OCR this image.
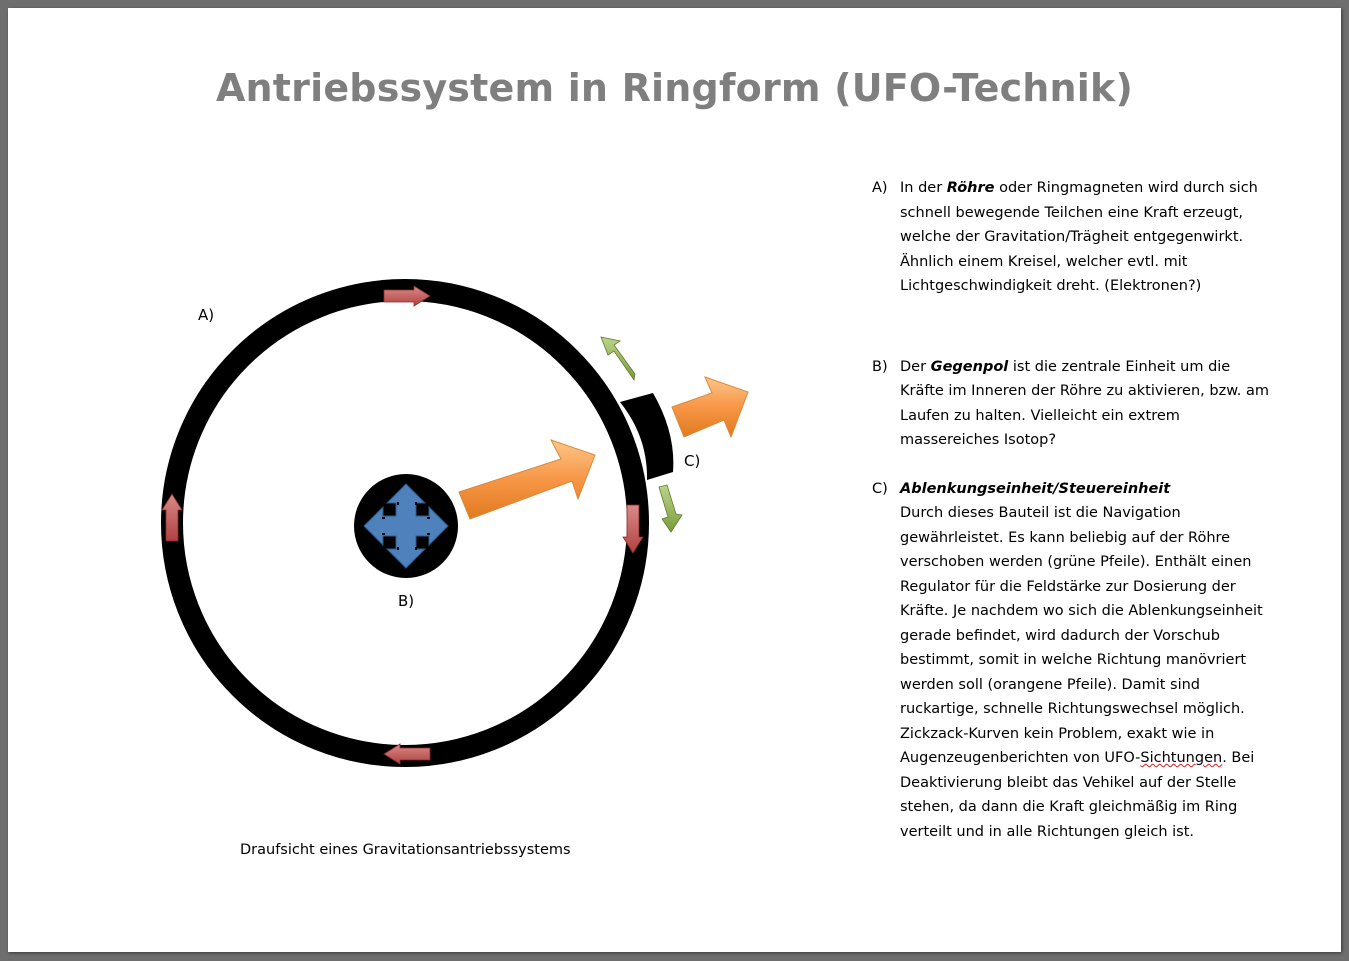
Antriebssystem in Ringform (UFO-Technik)
A)
B)
C)
Draufsicht eines Gravitationsantriebssystems
A) In der Röhre oder Ringmagneten wird durch sich schnell bewegende Teilchen eine Kraft erzeugt, welche der Gravitation/Trägheit entgegenwirkt. Ähnlich einem Kreisel, welcher evtl. mit Lichtgeschwindigkeit dreht. (Elektronen?)
B) Der Gegenpol ist die zentrale Einheit um die Kräfte im Inneren der Röhre zu aktivieren, bzw. am Laufen zu halten. Vielleicht ein extrem massereiches Isotop?
C) Ablenkungseinheit/Steuereinheit
Durch dieses Bauteil ist die Navigation gewährleistet. Es kann beliebig auf der Röhre verschoben werden (grüne Pfeile). Enthält einen Regulator für die Feldstärke zur Dosierung der Kräfte. Je nachdem wo sich die Ablenkungseinheit gerade befindet, wird dadurch der Vorschub bestimmt, somit in welche Richtung manövriert werden soll (orangene Pfeile). Damit sind ruckartige, schnelle Richtungswechsel möglich.
Zickzack-Kurven kein Problem, exakt wie in Augenzeugenberichten von UFO-Sichtungen. Bei Deaktivierung bleibt das Vehikel auf der Stelle stehen, da dann die Kraft gleichmäßig im Ring verteilt und in alle Richtungen gleich ist.
